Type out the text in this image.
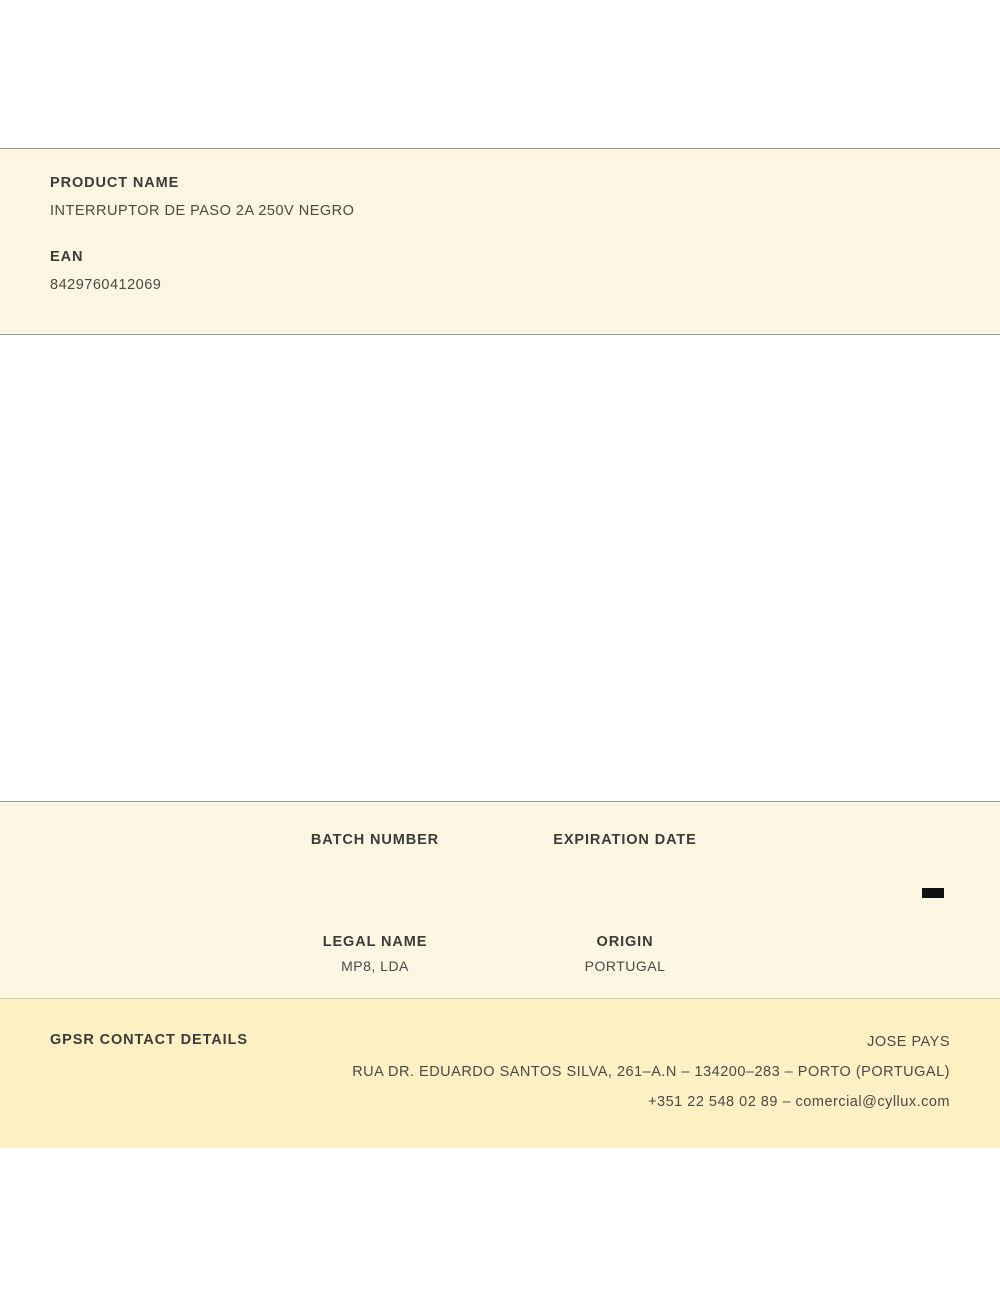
PRODUCT NAME
INTERRUPTOR DE PASO 2A 250V NEGRO
EAN
8429760412069
BATCH NUMBER	EXPIRATION DATE
LEGAL NAME
MP8, LDA
ORIGIN
PORTUGAL
GPSR CONTACT DETAILS	JOSE PAYS
RUA DR. EDUARDO SANTOS SILVA, 261–A.N – 134200–283 – PORTO (PORTUGAL)
+351 22 548 02 89 – comercial@cyllux.com
